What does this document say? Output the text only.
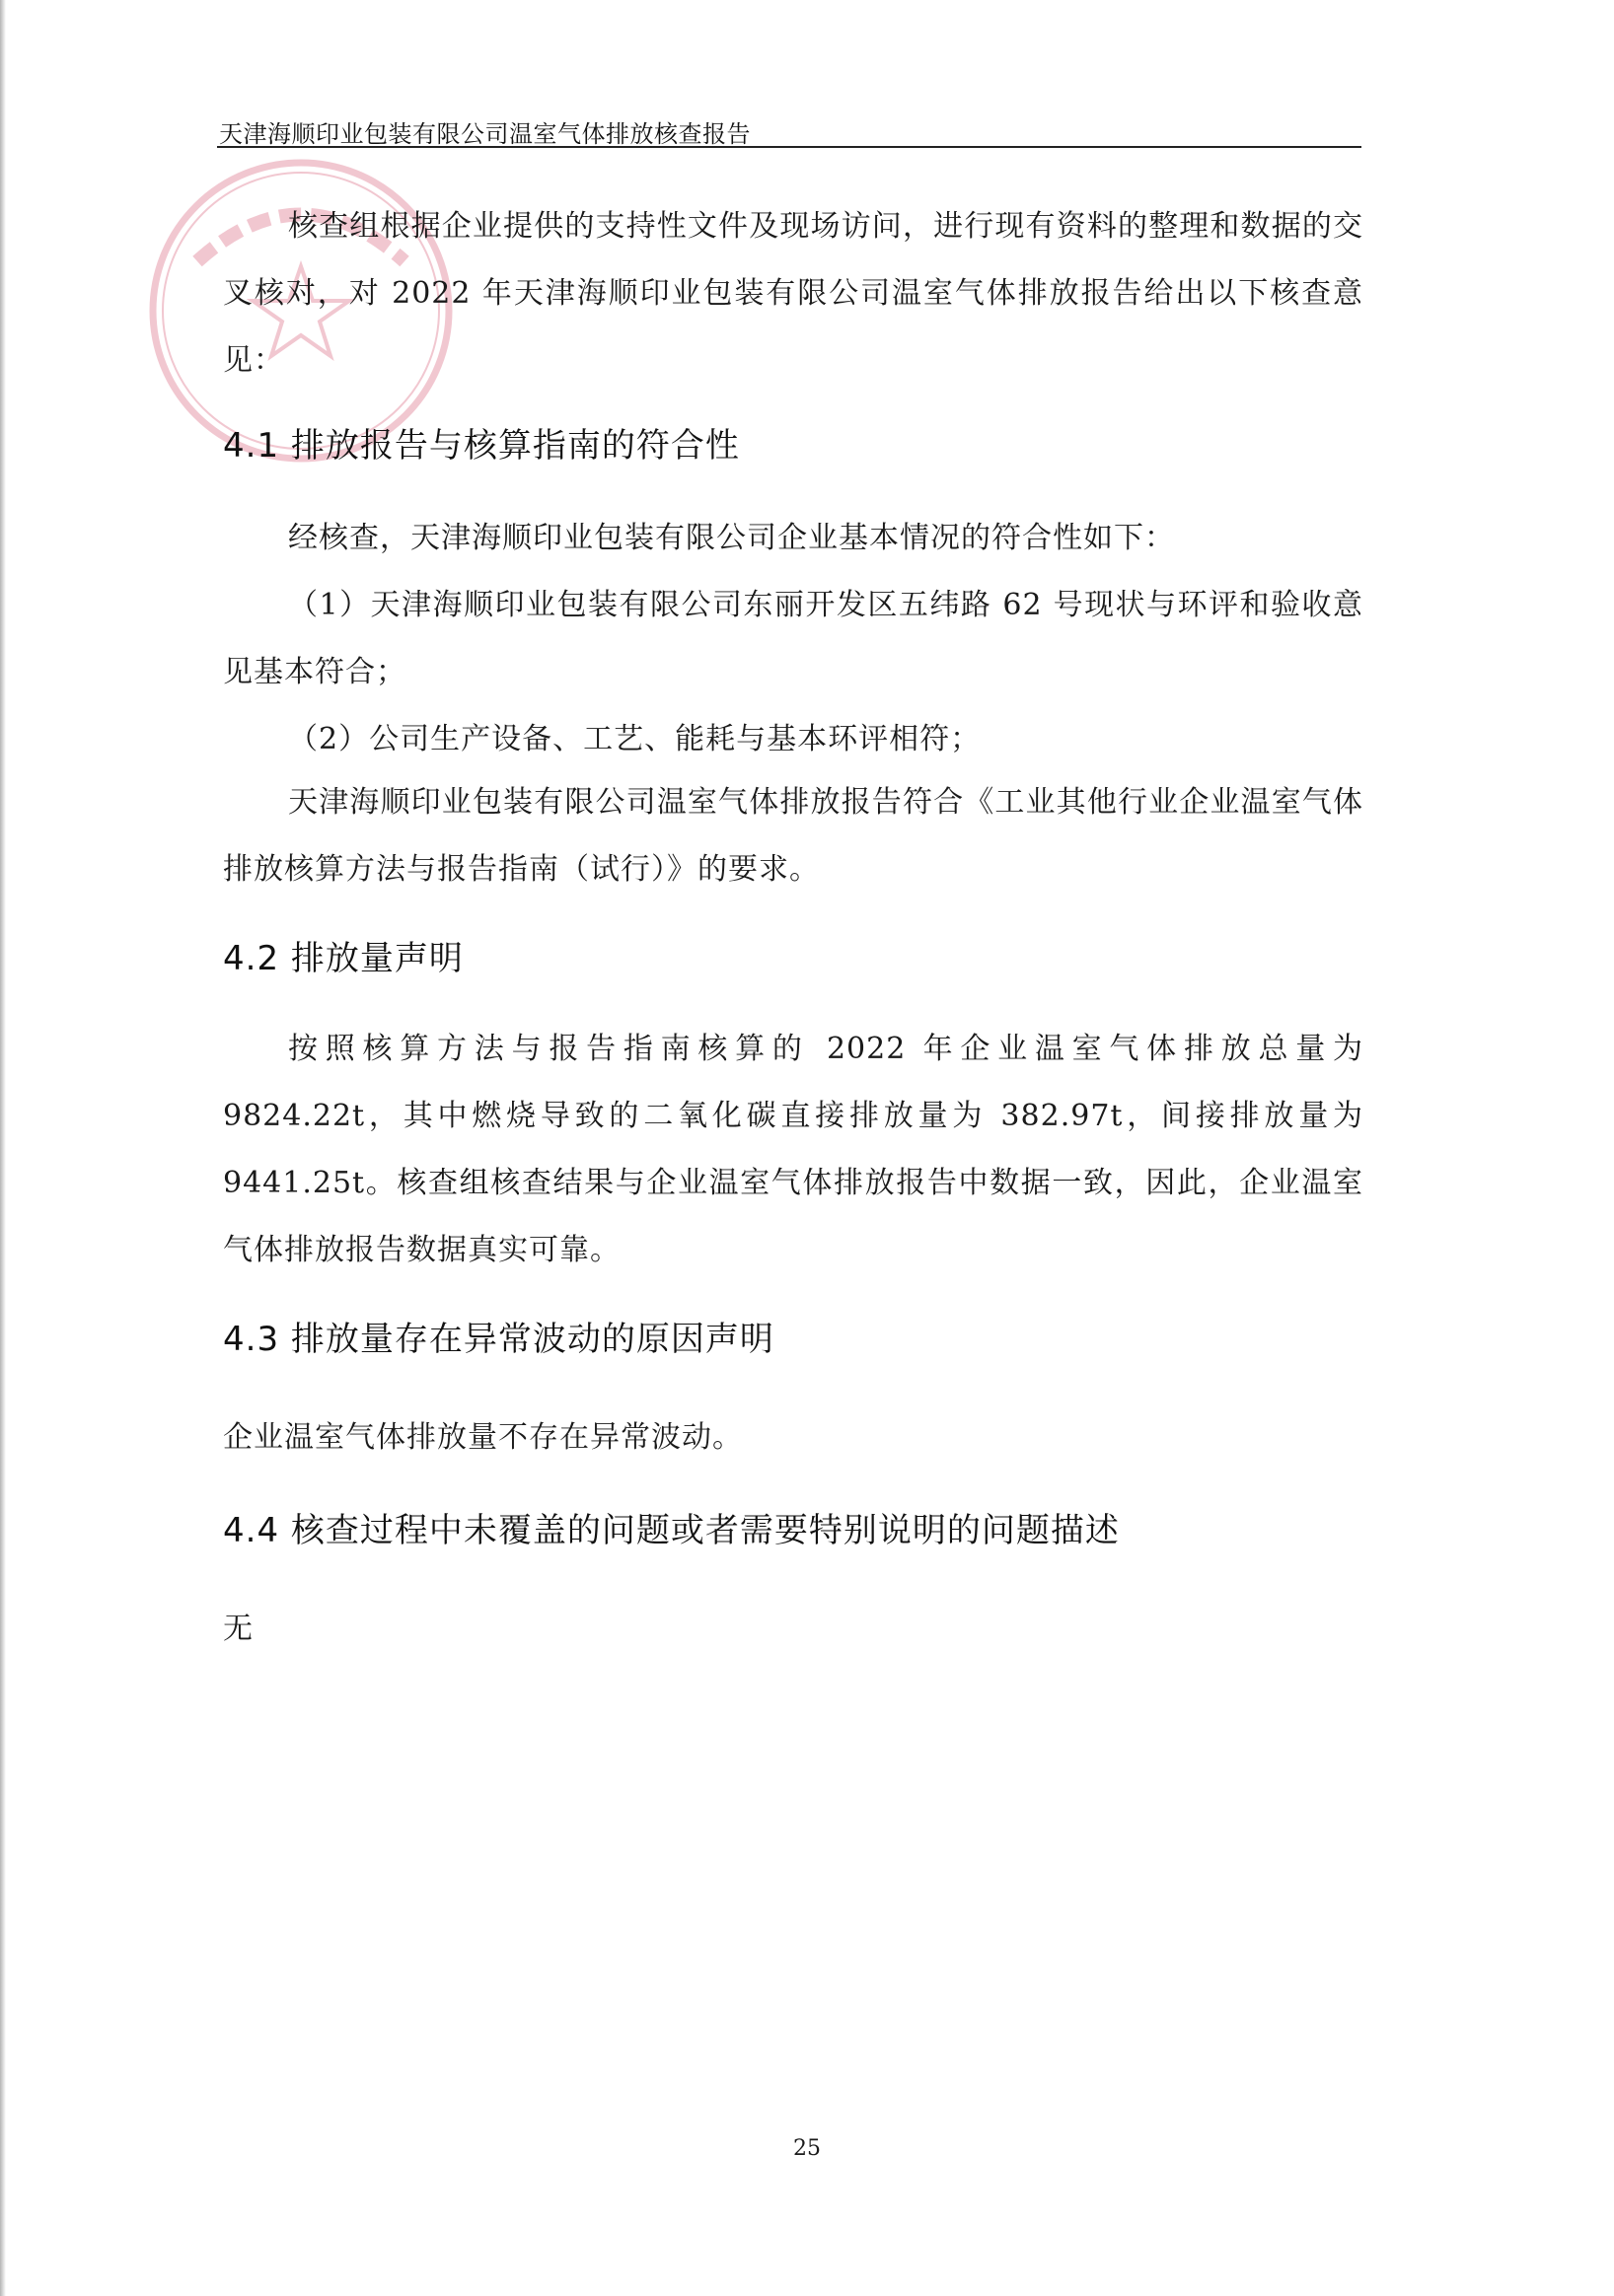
天津海顺印业包装有限公司温室气体排放核查报告

核查组根据企业提供的支持性文件及现场访问，进行现有资料的整理和数据的交叉核对，对 2022 年天津海顺印业包装有限公司温室气体排放报告给出以下核查意见：

4.1 排放报告与核算指南的符合性

经核查，天津海顺印业包装有限公司企业基本情况的符合性如下：

（1）天津海顺印业包装有限公司东丽开发区五纬路 62 号现状与环评和验收意见基本符合；

（2）公司生产设备、工艺、能耗与基本环评相符；

天津海顺印业包装有限公司温室气体排放报告符合《工业其他行业企业温室气体排放核算方法与报告指南（试行）》的要求。

4.2 排放量声明

按照核算方法与报告指南核算的 2022 年企业温室气体排放总量为 9824.22t，其中燃烧导致的二氧化碳直接排放量为 382.97t，间接排放量为 9441.25t。核查组核查结果与企业温室气体排放报告中数据一致，因此，企业温室气体排放报告数据真实可靠。

4.3 排放量存在异常波动的原因声明

企业温室气体排放量不存在异常波动。

4.4 核查过程中未覆盖的问题或者需要特别说明的问题描述

无

25
